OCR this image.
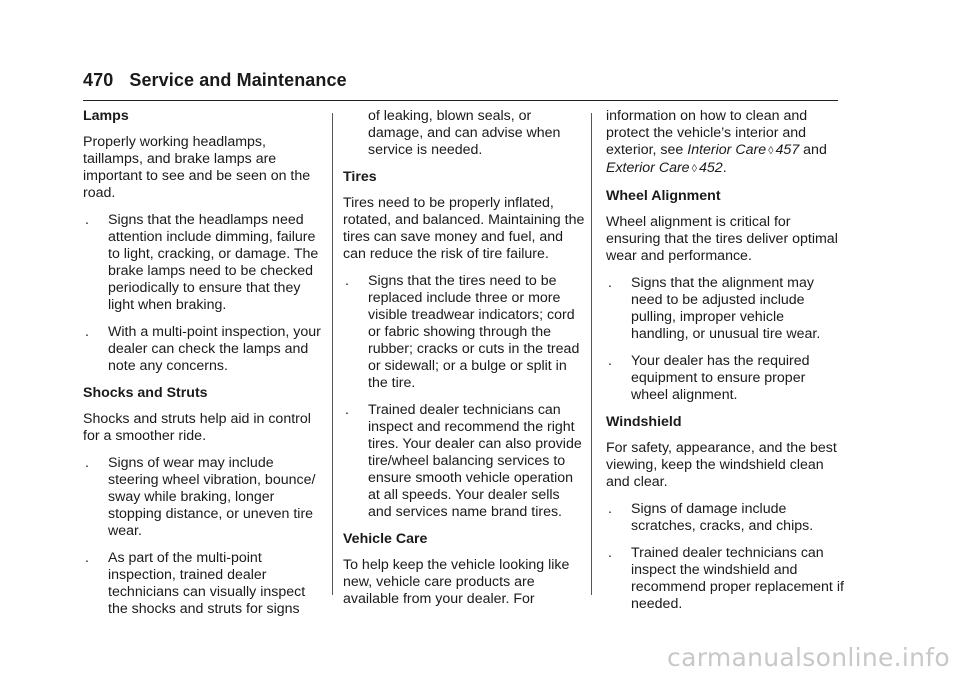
470 Service and Maintenance
Lamps

Properly working headlamps, taillamps, and brake lamps are important to see and be seen on the road.

. Signs that the headlamps need attention include dimming, failure to light, cracking, or damage. The brake lamps need to be checked periodically to ensure that they light when braking.
. With a multi-point inspection, your dealer can check the lamps and note any concerns.
Shocks and Struts

Shocks and struts help aid in control for a smoother ride.

. Signs of wear may include steering wheel vibration, bounce/ sway while braking, longer stopping distance, or uneven tire wear.
. As part of the multi-point inspection, trained dealer technicians can visually inspect the shocks and struts for signs

of leaking, blown seals, or damage, and can advise when service is needed.

Tires

Tires need to be properly inflated, rotated, and balanced. Maintaining the tires can save money and fuel, and can reduce the risk of tire failure.

. Signs that the tires need to be replaced include three or more visible treadwear indicators; cord or fabric showing through the rubber; cracks or cuts in the tread or sidewall; or a bulge or split in the tire.
. Trained dealer technicians can inspect and recommend the right tires. Your dealer can also provide tire/wheel balancing services to ensure smooth vehicle operation at all speeds. Your dealer sells and services name brand tires.
Vehicle Care

To help keep the vehicle looking like new, vehicle care products are available from your dealer. For

information on how to clean and protect the vehicle’s interior and exterior, see Interior Care ◊ 457 and Exterior Care ◊ 452.

Wheel Alignment

Wheel alignment is critical for ensuring that the tires deliver optimal wear and performance.

. Signs that the alignment may need to be adjusted include pulling, improper vehicle handling, or unusual tire wear.
. Your dealer has the required equipment to ensure proper wheel alignment.
Windshield

For safety, appearance, and the best viewing, keep the windshield clean and clear.

. Signs of damage include scratches, cracks, and chips.
. Trained dealer technicians can inspect the windshield and recommend proper replacement if needed.
carmanualsonline.info
